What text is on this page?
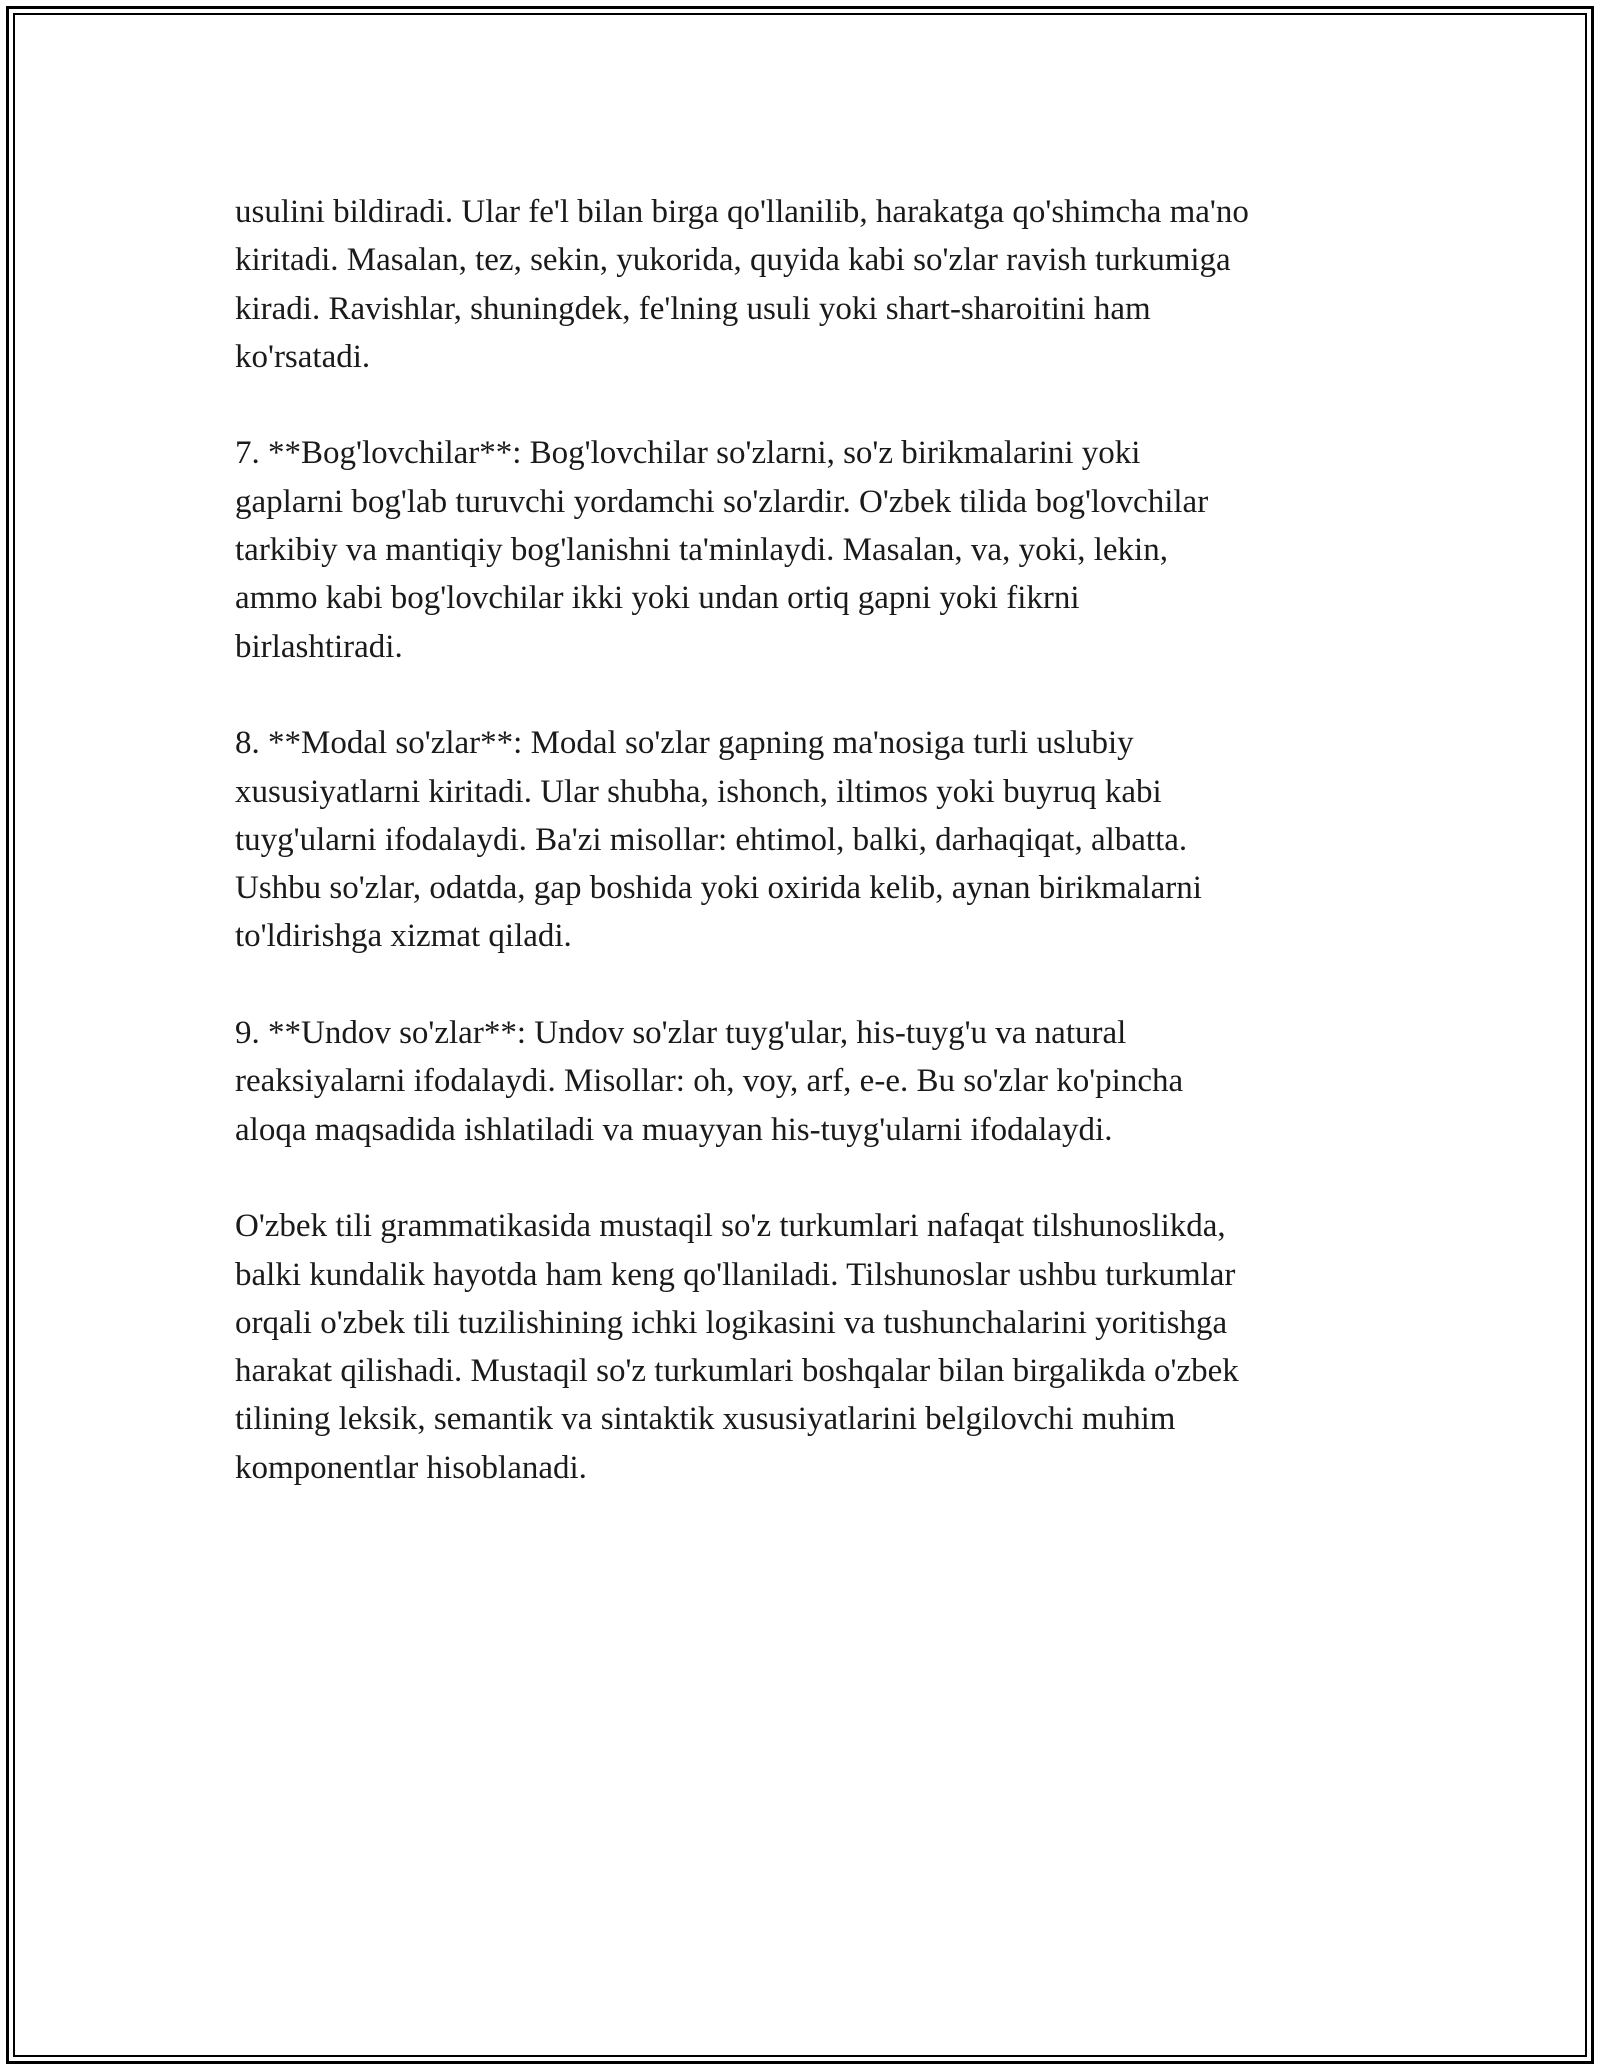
usulini bildiradi. Ular fe'l bilan birga qo'llanilib, harakatga qo'shimcha ma'no
kiritadi. Masalan, tez, sekin, yukorida, quyida kabi so'zlar ravish turkumiga
kiradi. Ravishlar, shuningdek, fe'lning usuli yoki shart-sharoitini ham
ko'rsatadi.

7. **Bog'lovchilar**: Bog'lovchilar so'zlarni, so'z birikmalarini yoki
gaplarni bog'lab turuvchi yordamchi so'zlardir. O'zbek tilida bog'lovchilar
tarkibiy va mantiqiy bog'lanishni ta'minlaydi. Masalan, va, yoki, lekin,
ammo kabi bog'lovchilar ikki yoki undan ortiq gapni yoki fikrni
birlashtiradi.

8. **Modal so'zlar**: Modal so'zlar gapning ma'nosiga turli uslubiy
xususiyatlarni kiritadi. Ular shubha, ishonch, iltimos yoki buyruq kabi
tuyg'ularni ifodalaydi. Ba'zi misollar: ehtimol, balki, darhaqiqat, albatta.
Ushbu so'zlar, odatda, gap boshida yoki oxirida kelib, aynan birikmalarni
to'ldirishga xizmat qiladi.

9. **Undov so'zlar**: Undov so'zlar tuyg'ular, his-tuyg'u va natural
reaksiyalarni ifodalaydi. Misollar: oh, voy, arf, e-e. Bu so'zlar ko'pincha
aloqa maqsadida ishlatiladi va muayyan his-tuyg'ularni ifodalaydi.

O'zbek tili grammatikasida mustaqil so'z turkumlari nafaqat tilshunoslikda,
balki kundalik hayotda ham keng qo'llaniladi. Tilshunoslar ushbu turkumlar
orqali o'zbek tili tuzilishining ichki logikasini va tushunchalarini yoritishga
harakat qilishadi. Mustaqil so'z turkumlari boshqalar bilan birgalikda o'zbek
tilining leksik, semantik va sintaktik xususiyatlarini belgilovchi muhim
komponentlar hisoblanadi.
